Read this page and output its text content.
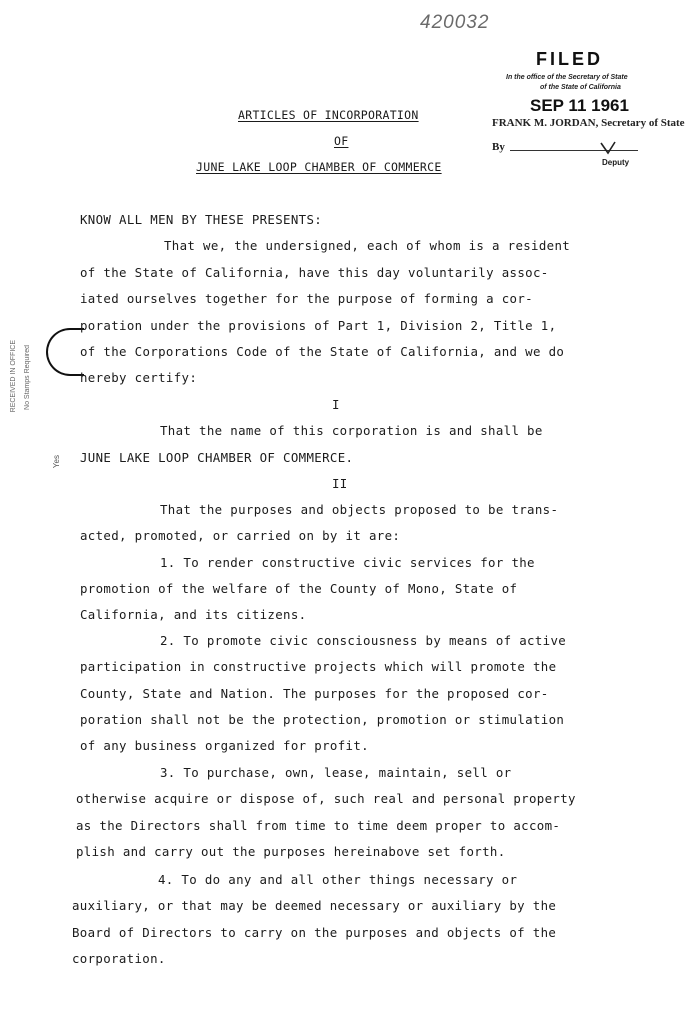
420032
FILED
In the office of the Secretary of State
of the State of California
SEP 11 1961
FRANK M. JORDAN, Secretary of State
By
Deputy
ARTICLES OF INCORPORATION
OF
JUNE LAKE LOOP CHAMBER OF COMMERCE
RECEIVED IN OFFICE No Stamps Required
Yes
KNOW ALL MEN BY THESE PRESENTS:
That we, the undersigned, each of whom is a resident
of the State of California, have this day voluntarily assoc-
iated ourselves together for the purpose of forming a cor-
poration under the provisions of Part 1, Division 2, Title 1,
of the Corporations Code of the State of California, and we do
hereby certify:
I
That the name of this corporation is and shall be
JUNE LAKE LOOP CHAMBER OF COMMERCE.
II
That the purposes and objects proposed to be trans-
acted, promoted, or carried on by it are:
1. To render constructive civic services for the
promotion of the welfare of the County of Mono, State of
California, and its citizens.
2. To promote civic consciousness by means of active
participation in constructive projects which will promote the
County, State and Nation. The purposes for the proposed cor-
poration shall not be the protection, promotion or stimulation
of any business organized for profit.
3. To purchase, own, lease, maintain, sell or
otherwise acquire or dispose of, such real and personal property
as the Directors shall from time to time deem proper to accom-
plish and carry out the purposes hereinabove set forth.
4. To do any and all other things necessary or
auxiliary, or that may be deemed necessary or auxiliary by the
Board of Directors to carry on the purposes and objects of the
corporation.
